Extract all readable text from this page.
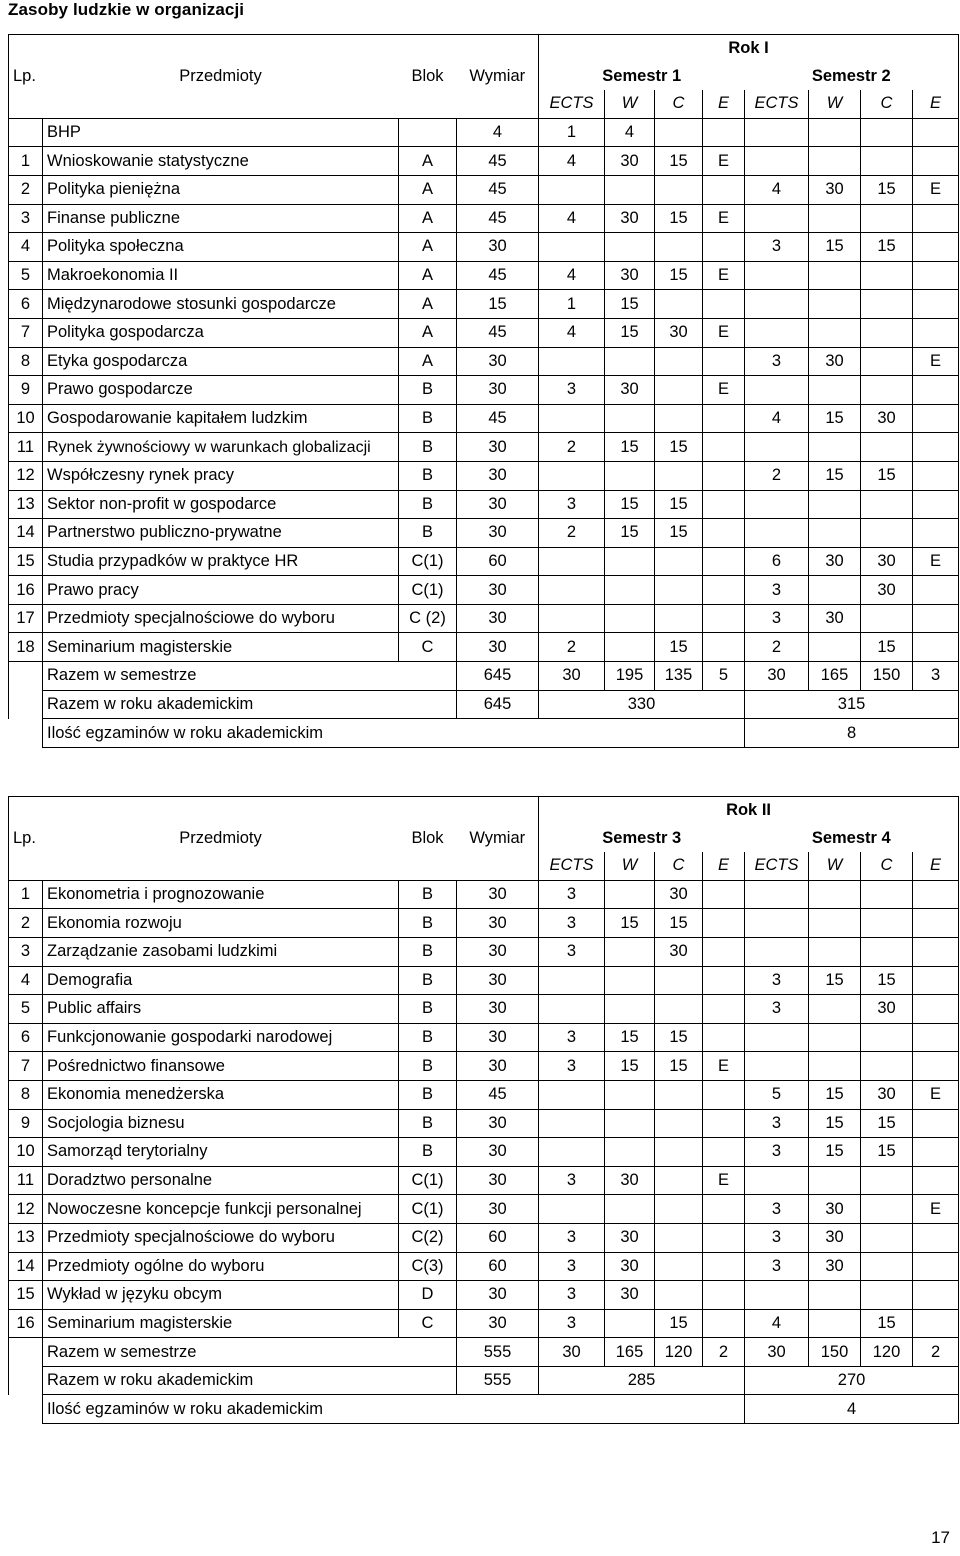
Zasoby ludzkie w organizacji
				Rok I							
Lp.	Przedmioty	Blok	Wymiar	Semestr 1				Semestr 2			
				ECTS	W	C	E	ECTS	W	C	E
	BHP		4	1	4						
1	Wnioskowanie statystyczne	A	45	4	30	15	E				
2	Polityka pieniężna	A	45					4	30	15	E
3	Finanse publiczne	A	45	4	30	15	E				
4	Polityka społeczna	A	30					3	15	15	
5	Makroekonomia II	A	45	4	30	15	E				
6	Międzynarodowe stosunki gospodarcze	A	15	1	15						
7	Polityka gospodarcza	A	45	4	15	30	E				
8	Etyka gospodarcza	A	30					3	30		E
9	Prawo gospodarcze	B	30	3	30		E				
10	Gospodarowanie kapitałem ludzkim	B	45					4	15	30	
11	Rynek żywnościowy w warunkach globalizacji	B	30	2	15	15					
12	Współczesny rynek pracy	B	30					2	15	15	
13	Sektor non-profit w gospodarce	B	30	3	15	15					
14	Partnerstwo publiczno-prywatne	B	30	2	15	15					
15	Studia przypadków w praktyce HR	C(1)	60					6	30	30	E
16	Prawo pracy	C(1)	30					3		30	
17	Przedmioty specjalnościowe do wyboru	C (2)	30					3	30		
18	Seminarium magisterskie	C	30	2		15		2		15	
	Razem w semestrze		645	30	195	135	5	30	165	150	3
	Razem w roku akademickim		645	330				315			
	Ilość egzaminów w roku akademickim							8			
				Rok II							
Lp.	Przedmioty	Blok	Wymiar	Semestr 3				Semestr 4			
				ECTS	W	C	E	ECTS	W	C	E
1	Ekonometria i prognozowanie	B	30	3		30					
2	Ekonomia rozwoju	B	30	3	15	15					
3	Zarządzanie zasobami ludzkimi	B	30	3		30					
4	Demografia	B	30					3	15	15	
5	Public affairs	B	30					3		30	
6	Funkcjonowanie gospodarki narodowej	B	30	3	15	15					
7	Pośrednictwo finansowe	B	30	3	15	15	E				
8	Ekonomia menedżerska	B	45					5	15	30	E
9	Socjologia biznesu	B	30					3	15	15	
10	Samorząd terytorialny	B	30					3	15	15	
11	Doradztwo personalne	C(1)	30	3	30		E				
12	Nowoczesne koncepcje funkcji personalnej	C(1)	30					3	30		E
13	Przedmioty specjalnościowe do wyboru	C(2)	60	3	30			3	30		
14	Przedmioty ogólne do wyboru	C(3)	60	3	30			3	30		
15	Wykład w języku obcym	D	30	3	30						
16	Seminarium magisterskie	C	30	3		15		4		15	
	Razem w semestrze		555	30	165	120	2	30	150	120	2
	Razem w roku akademickim		555	285				270			
	Ilość egzaminów w roku akademickim							4			
17
